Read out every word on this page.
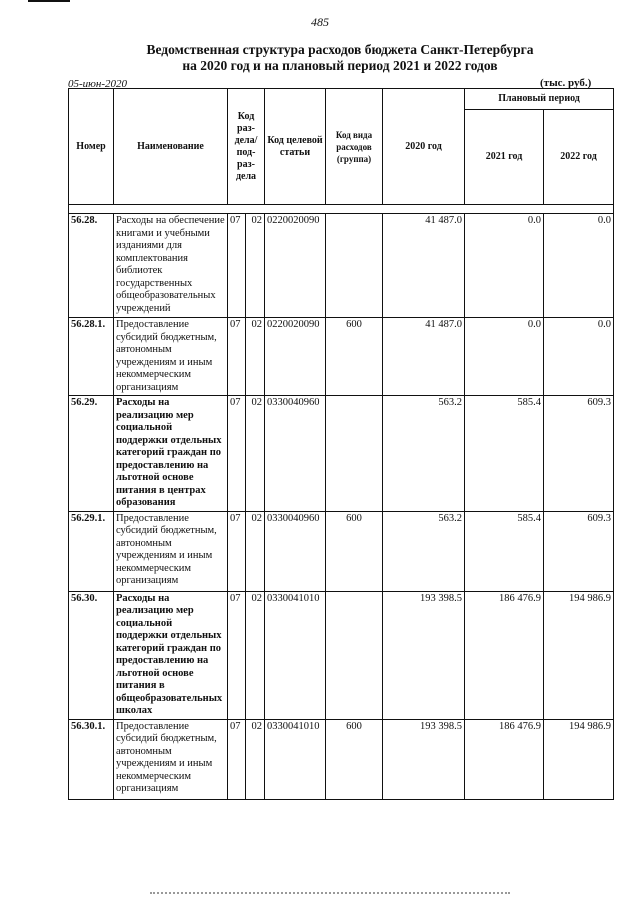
485
Ведомственная структура расходов бюджета Санкт-Петербурга
на 2020 год и на плановый период 2021 и 2022 годов
05-июн-2020	(тыс. руб.)
Номер	Наименование	Код раз-дела/ под-раз-дела		Код целевой статьи	Код вида расходов (группа)	2020 год	Плановый период	
							2021 год	2022 год

56.28.	Расходы на обеспечение книгами и учебными изданиями для комплектования библиотек государственных общеобразовательных учреждений	07	02	0220020090		41 487.0	0.0	0.0
56.28.1.	Предоставление субсидий бюджетным, автономным учреждениям и иным некоммерческим организациям	07	02	0220020090	600	41 487.0	0.0	0.0
56.29.	Расходы на реализацию мер социальной поддержки отдельных категорий граждан по предоставлению на льготной основе питания в центрах образования	07	02	0330040960		563.2	585.4	609.3
56.29.1.	Предоставление субсидий бюджетным, автономным учреждениям и иным некоммерческим организациям	07	02	0330040960	600	563.2	585.4	609.3
56.30.	Расходы на реализацию мер социальной поддержки отдельных категорий граждан по предоставлению на льготной основе питания в общеобразовательных школах	07	02	0330041010		193 398.5	186 476.9	194 986.9
56.30.1.	Предоставление субсидий бюджетным, автономным учреждениям и иным некоммерческим организациям	07	02	0330041010	600	193 398.5	186 476.9	194 986.9
